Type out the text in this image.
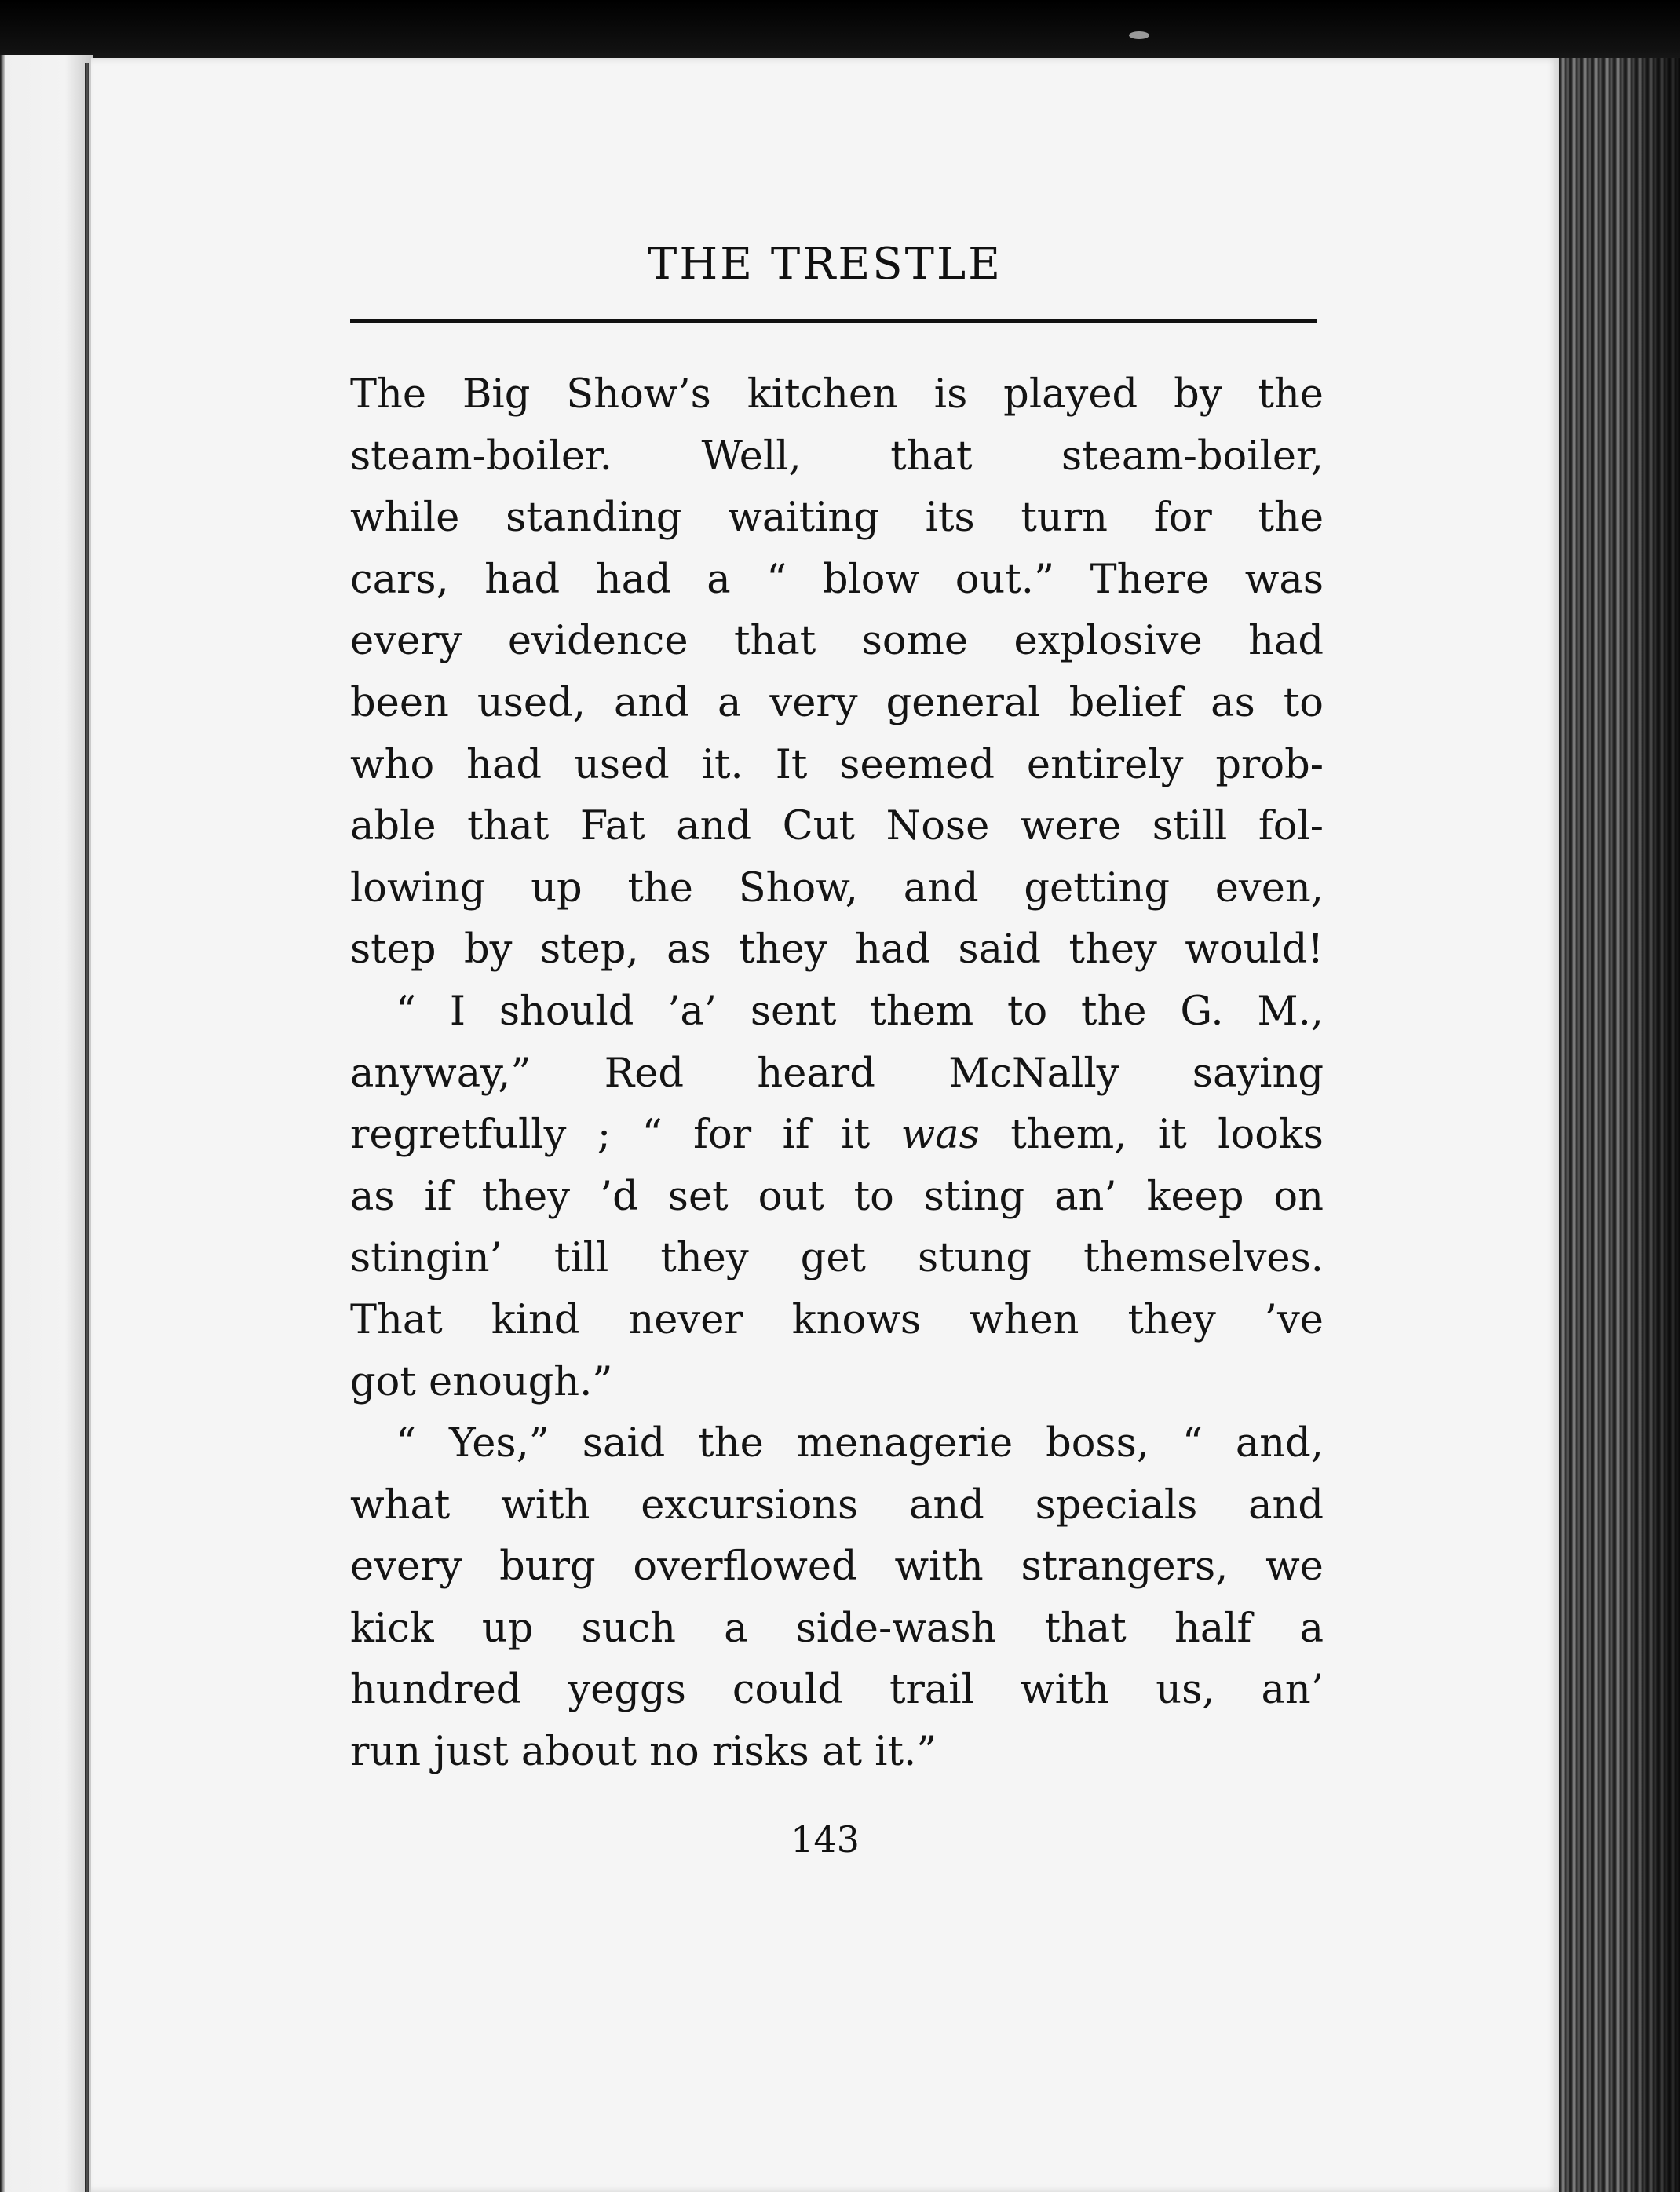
THE TRESTLE
The Big Show’s kitchen is played by the
steam-boiler. Well, that steam-boiler,
while standing waiting its turn for the
cars, had had a “ blow out.” There was
every evidence that some explosive had
been used, and a very general belief as to
who had used it. It seemed entirely prob-
able that Fat and Cut Nose were still fol-
lowing up the Show, and getting even,
step by step, as they had said they would!
“ I should ’a’ sent them to the G. M.,
anyway,” Red heard McNally saying
regretfully ; “ for if it was them, it looks
as if they ’d set out to sting an’ keep on
stingin’ till they get stung themselves.
That kind never knows when they ’ve
got enough.”
“ Yes,” said the menagerie boss, “ and,
what with excursions and specials and
every burg overflowed with strangers, we
kick up such a side-wash that half a
hundred yeggs could trail with us, an’
run just about no risks at it.”
143
